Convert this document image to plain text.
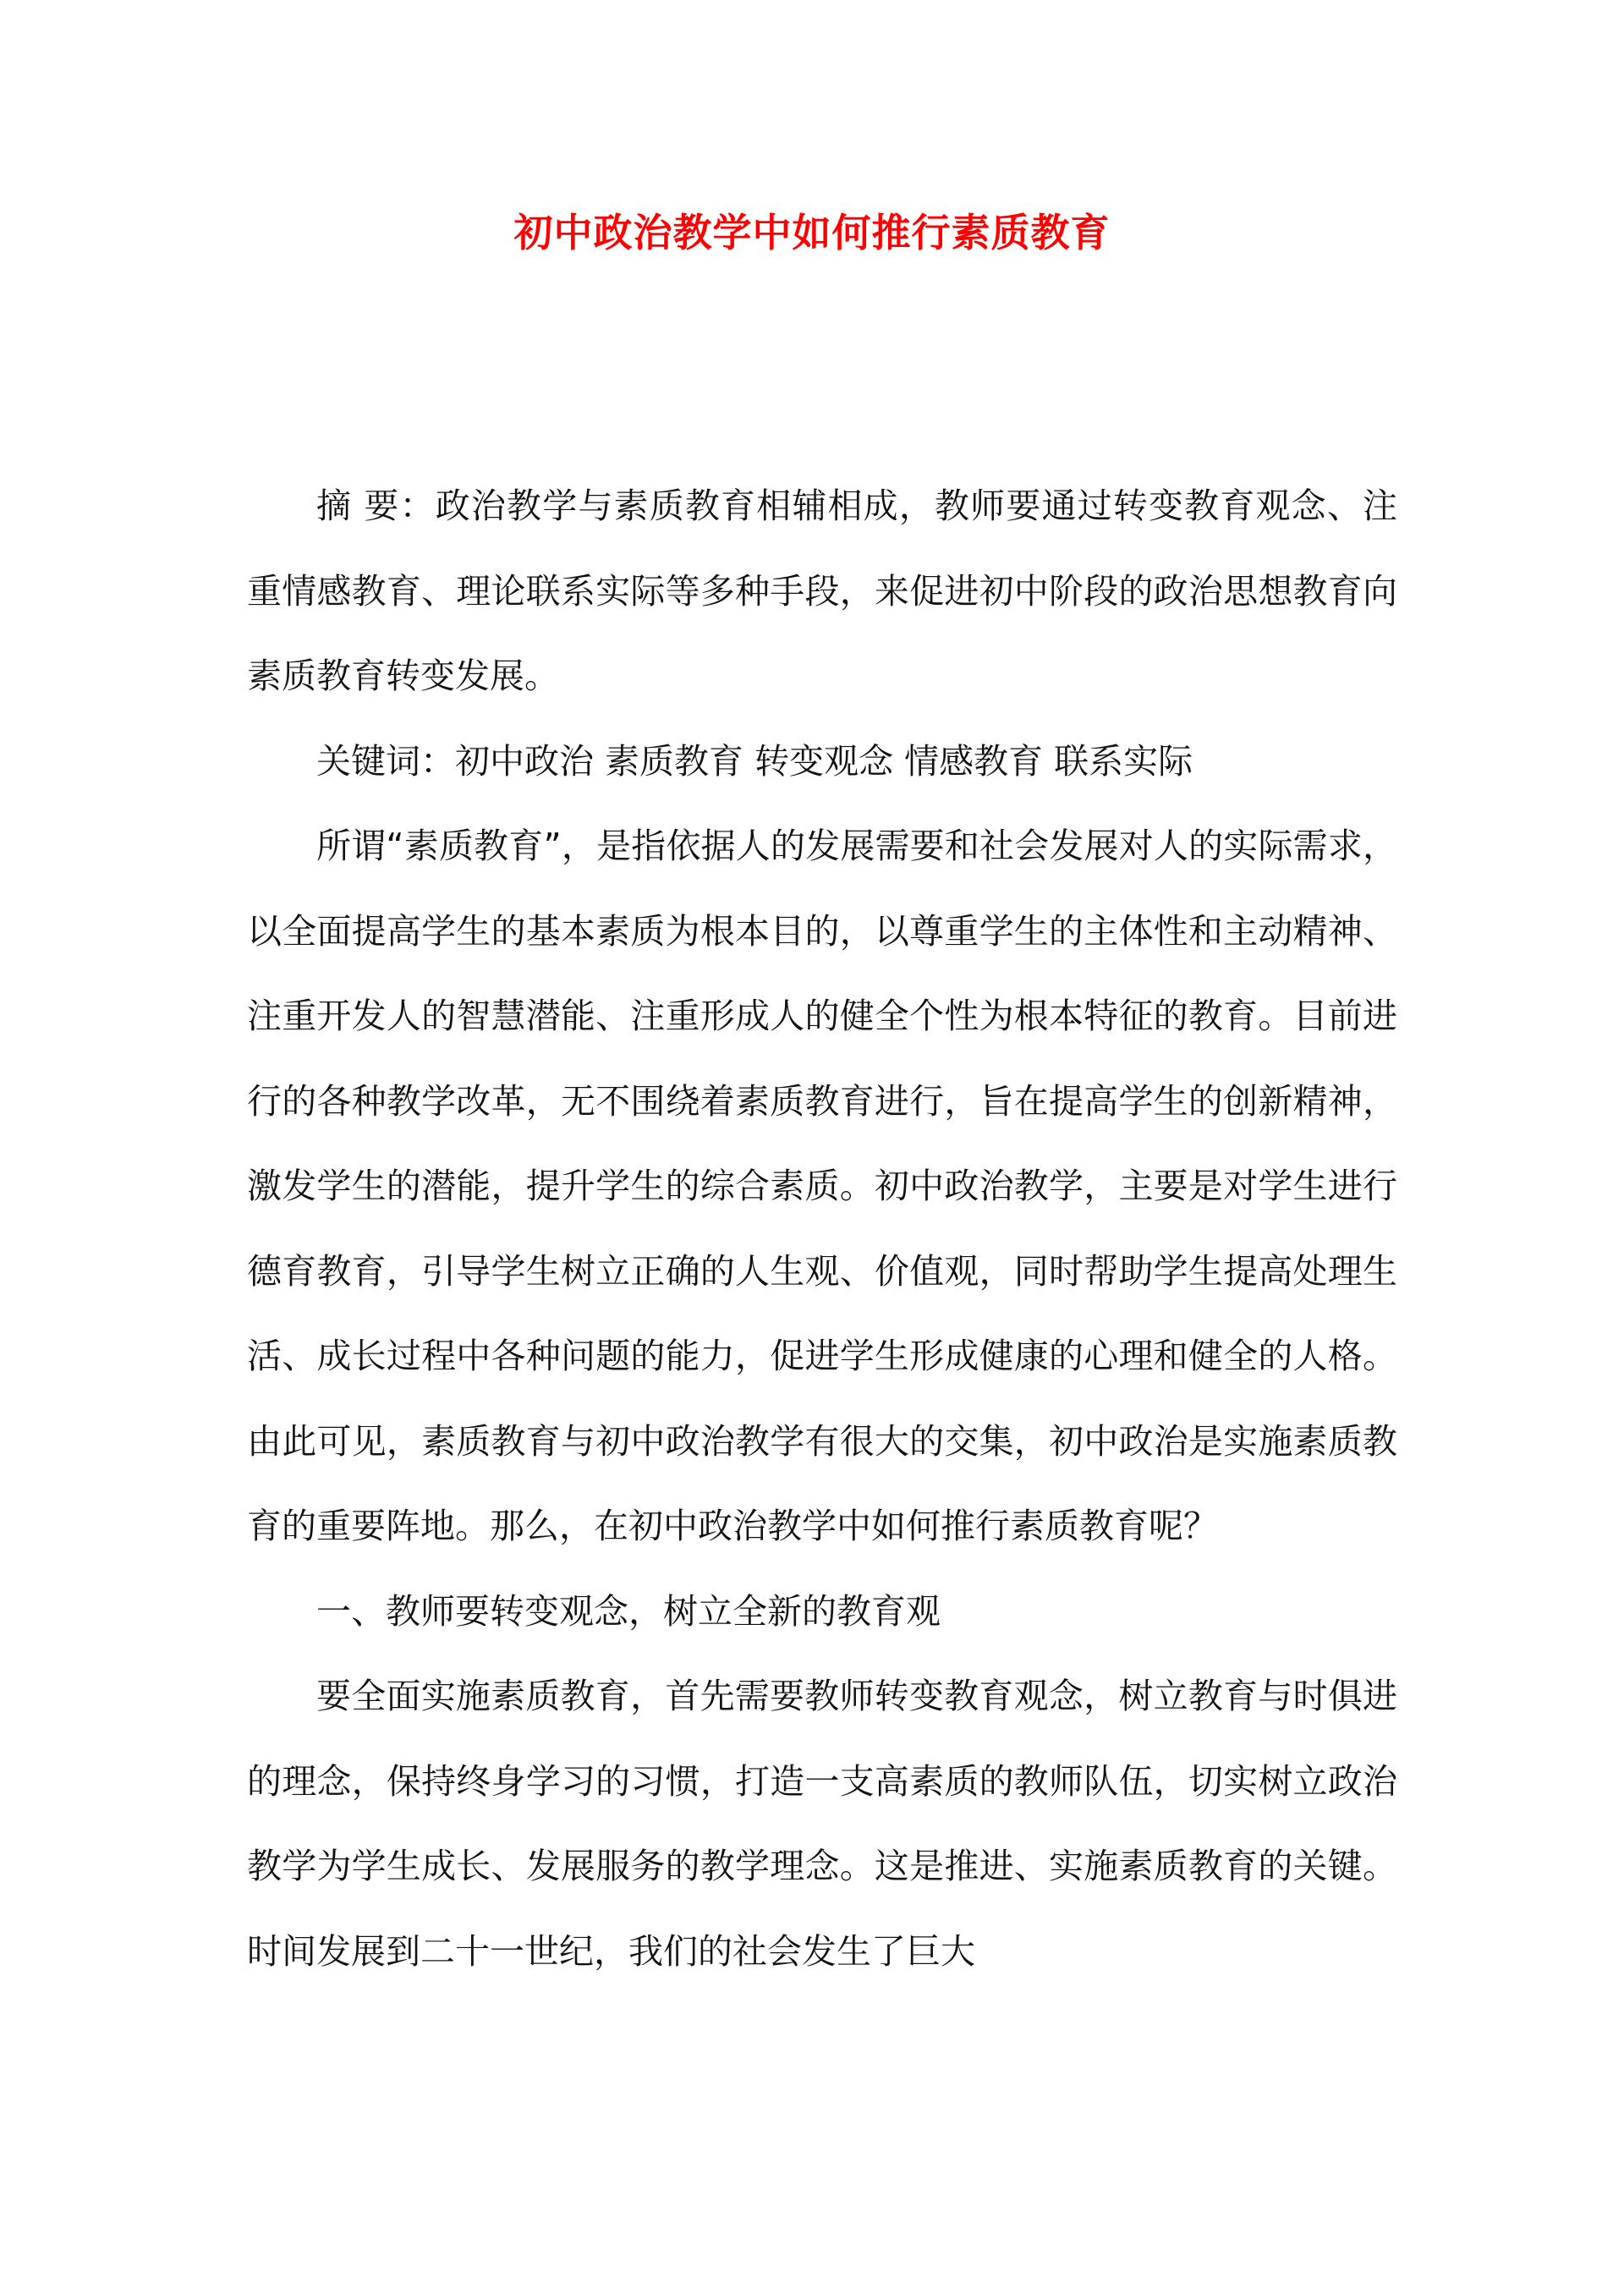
初中政治教学中如何推行素质教育

摘 要：政治教学与素质教育相辅相成，教师要通过转变教育观念、注重情感教育、理论联系实际等多种手段，来促进初中阶段的政治思想教育向素质教育转变发展。

关键词：初中政治 素质教育 转变观念 情感教育 联系实际

所谓“素质教育”，是指依据人的发展需要和社会发展对人的实际需求，以全面提高学生的基本素质为根本目的，以尊重学生的主体性和主动精神、注重开发人的智慧潜能、注重形成人的健全个性为根本特征的教育。目前进行的各种教学改革，无不围绕着素质教育进行，旨在提高学生的创新精神，激发学生的潜能，提升学生的综合素质。初中政治教学，主要是对学生进行德育教育，引导学生树立正确的人生观、价值观，同时帮助学生提高处理生活、成长过程中各种问题的能力，促进学生形成健康的心理和健全的人格。由此可见，素质教育与初中政治教学有很大的交集，初中政治是实施素质教育的重要阵地。那么，在初中政治教学中如何推行素质教育呢？

一、教师要转变观念，树立全新的教育观

要全面实施素质教育，首先需要教师转变教育观念，树立教育与时俱进的理念，保持终身学习的习惯，打造一支高素质的教师队伍，切实树立政治教学为学生成长、发展服务的教学理念。这是推进、实施素质教育的关键。时间发展到二十一世纪，我们的社会发生了巨大
